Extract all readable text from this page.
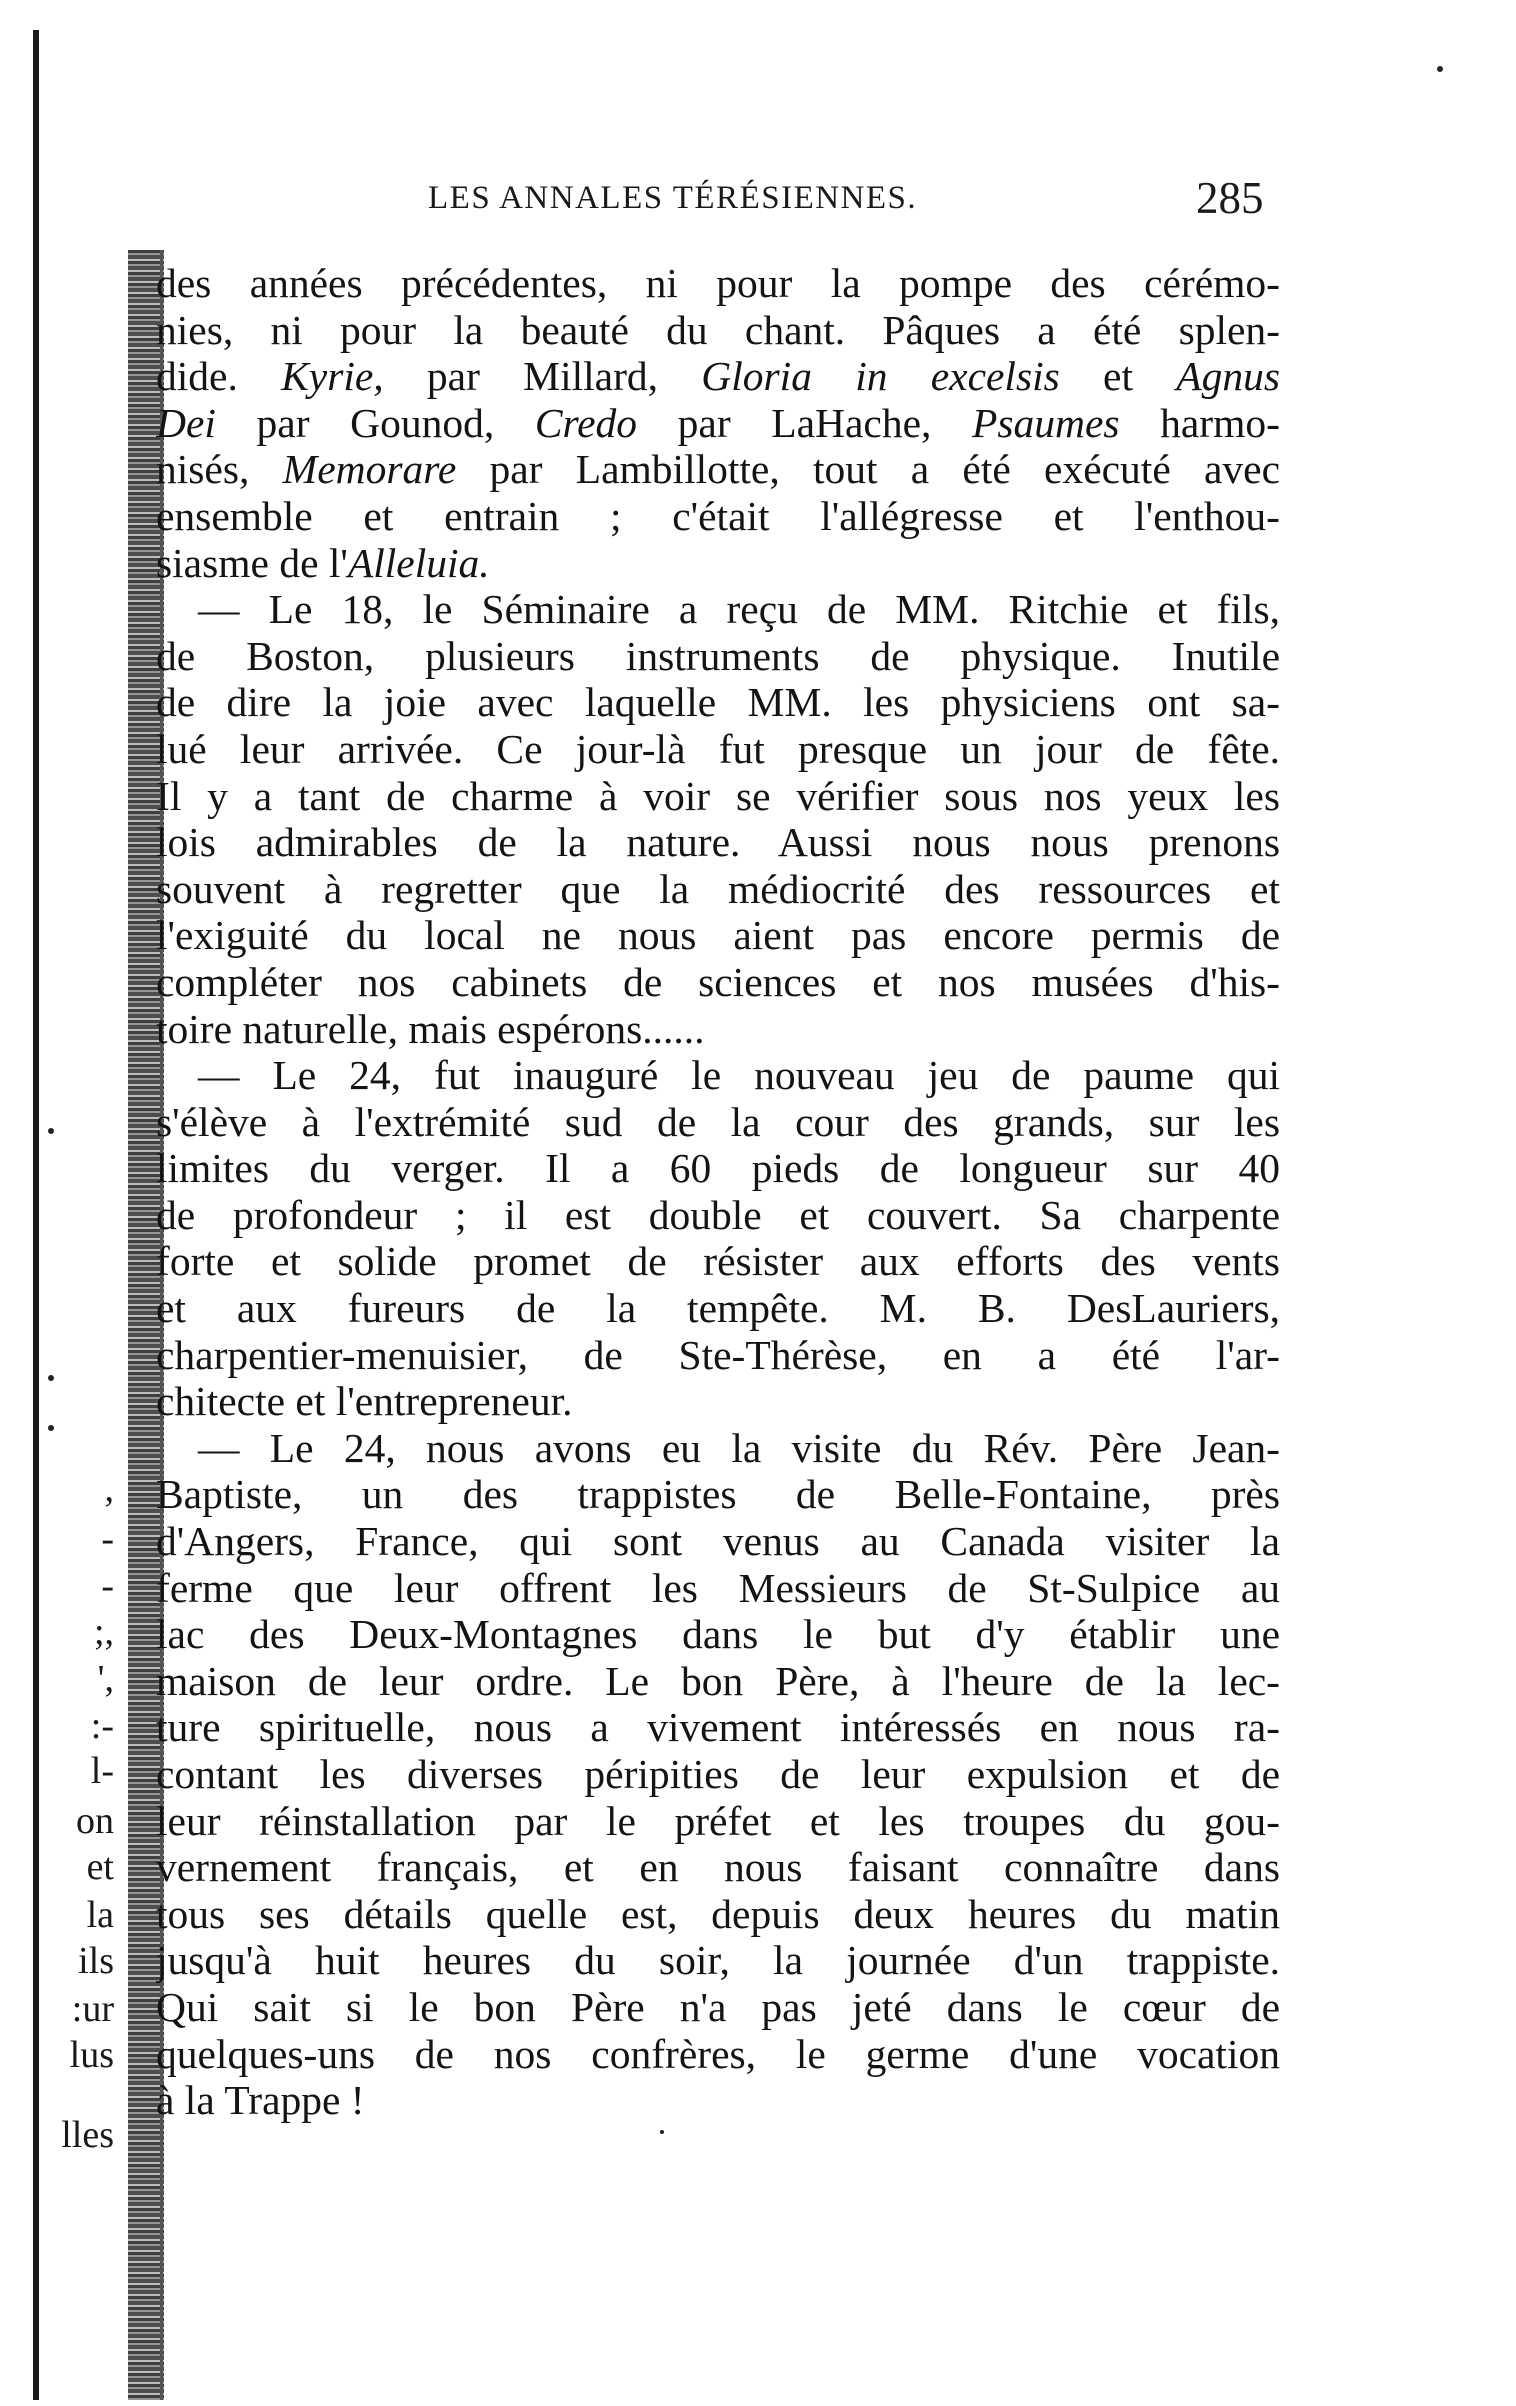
,
-
-
;,
',
:-
l-
on
et
la
ils
:ur
lus
lles
LES ANNALES TÉRÉSIENNES.	285
des années précédentes, ni pour la pompe des cérémo-
nies, ni pour la beauté du chant. Pâques a été splen-
dide. Kyrie, par Millard, Gloria in excelsis et Agnus
Dei par Gounod, Credo par LaHache, Psaumes harmo-
nisés, Memorare par Lambillotte, tout a été exécuté avec
ensemble et entrain ; c'était l'allégresse et l'enthou-
siasme de l'Alleluia.
— Le 18, le Séminaire a reçu de MM. Ritchie et fils,
de Boston, plusieurs instruments de physique. Inutile
de dire la joie avec laquelle MM. les physiciens ont sa-
lué leur arrivée. Ce jour-là fut presque un jour de fête.
Il y a tant de charme à voir se vérifier sous nos yeux les
lois admirables de la nature. Aussi nous nous prenons
souvent à regretter que la médiocrité des ressources et
l'exiguité du local ne nous aient pas encore permis de
compléter nos cabinets de sciences et nos musées d'his-
toire naturelle, mais espérons......
— Le 24, fut inauguré le nouveau jeu de paume qui
s'élève à l'extrémité sud de la cour des grands, sur les
limites du verger. Il a 60 pieds de longueur sur 40
de profondeur ; il est double et couvert. Sa charpente
forte et solide promet de résister aux efforts des vents
et aux fureurs de la tempête. M. B. DesLauriers,
charpentier-menuisier, de Ste-Thérèse, en a été l'ar-
chitecte et l'entrepreneur.
— Le 24, nous avons eu la visite du Rév. Père Jean-
Baptiste, un des trappistes de Belle-Fontaine, près
d'Angers, France, qui sont venus au Canada visiter la
ferme que leur offrent les Messieurs de St-Sulpice au
lac des Deux-Montagnes dans le but d'y établir une
maison de leur ordre. Le bon Père, à l'heure de la lec-
ture spirituelle, nous a vivement intéressés en nous ra-
contant les diverses péripities de leur expulsion et de
leur réinstallation par le préfet et les troupes du gou-
vernement français, et en nous faisant connaître dans
tous ses détails quelle est, depuis deux heures du matin
jusqu'à huit heures du soir, la journée d'un trappiste.
Qui sait si le bon Père n'a pas jeté dans le cœur de
quelques-uns de nos confrères, le germe d'une vocation
à la Trappe !
